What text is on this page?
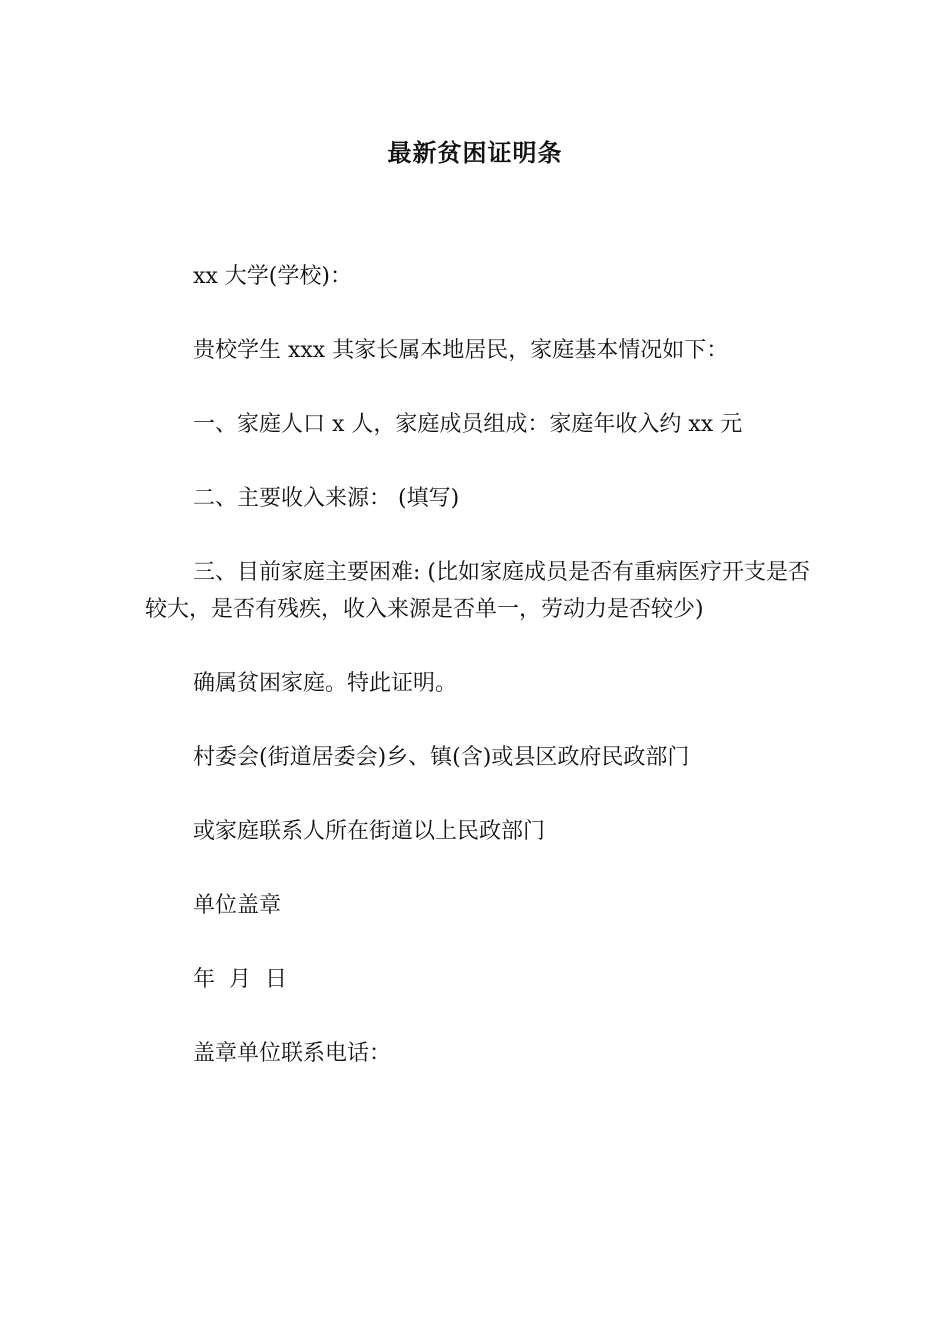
最新贫困证明条

xx 大学(学校)：

贵校学生 xxx 其家长属本地居民，家庭基本情况如下：

一、家庭人口 x 人，家庭成员组成：家庭年收入约 xx 元

二、主要收入来源： (填写)

三、目前家庭主要困难: (比如家庭成员是否有重病医疗开支是否较大，是否有残疾，收入来源是否单一，劳动力是否较少)

确属贫困家庭。特此证明。

村委会(街道居委会)乡、镇(含)或县区政府民政部门

或家庭联系人所在街道以上民政部门

单位盖章

年  月  日

盖章单位联系电话：
